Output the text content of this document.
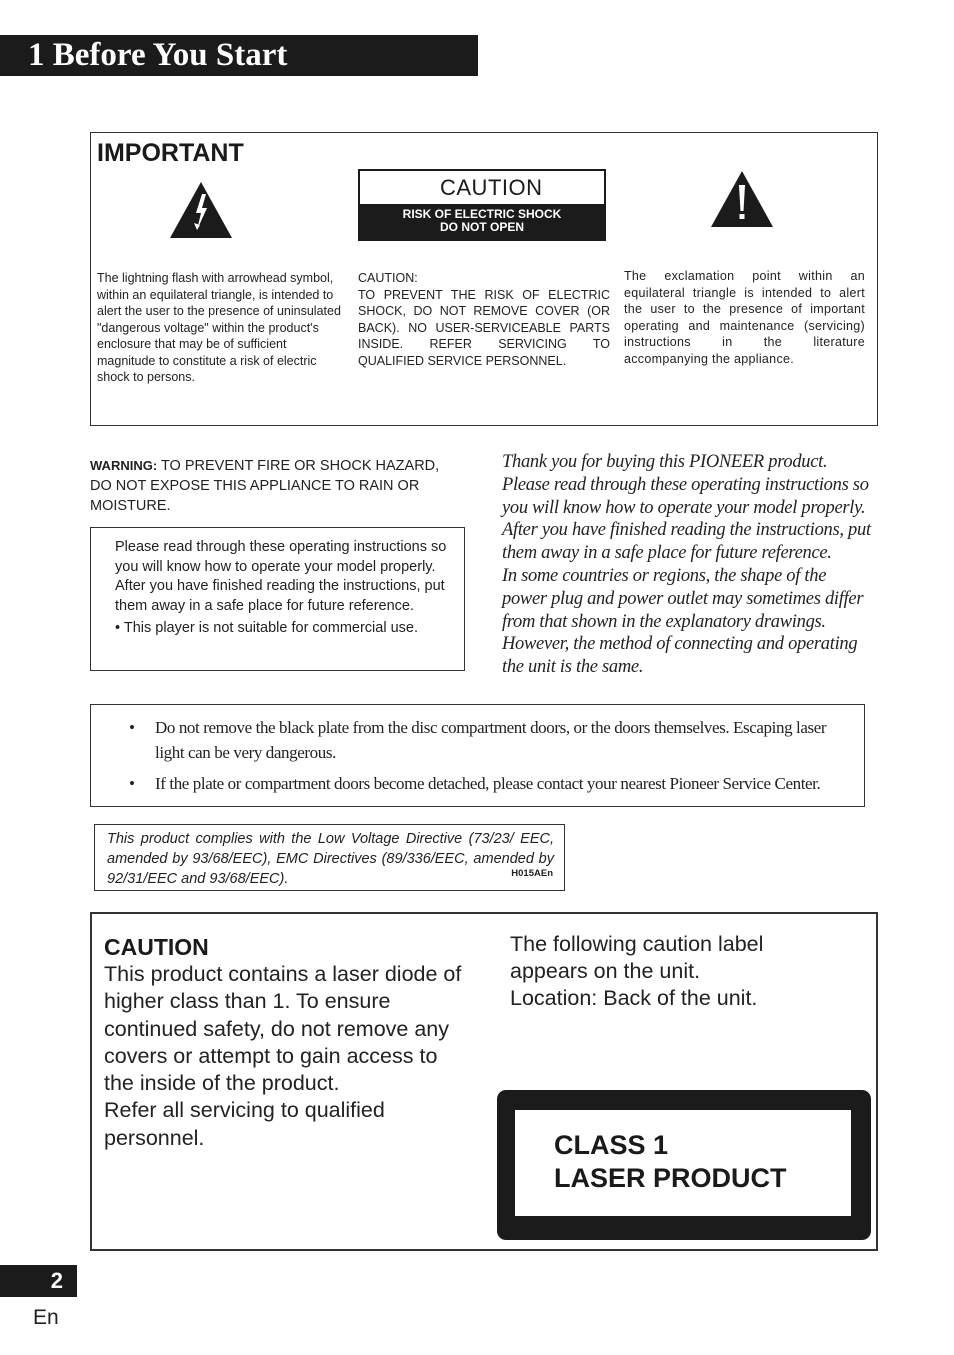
1 Before You Start
IMPORTANT
CAUTION
RISK OF ELECTRIC SHOCK
DO NOT OPEN
The lightning flash with arrowhead symbol, within an equilateral triangle, is intended to alert the user to the presence of uninsulated "dangerous voltage" within the product's enclosure that may be of sufficient magnitude to constitute a risk of electric shock to persons.
CAUTION:
TO PREVENT THE RISK OF ELECTRIC SHOCK, DO NOT REMOVE COVER (OR BACK). NO USER-SERVICEABLE PARTS INSIDE. REFER SERVICING TO QUALIFIED SERVICE PERSONNEL.
The exclamation point within an equilateral triangle is intended to alert the user to the presence of important operating and maintenance (servicing) instructions in the literature accompanying the appliance.
WARNING: TO PREVENT FIRE OR SHOCK HAZARD, DO NOT EXPOSE THIS APPLIANCE TO RAIN OR MOISTURE.
Please read through these operating instructions so you will know how to operate your model properly. After you have finished reading the instructions, put them away in a safe place for future reference.
• This player is not suitable for commercial use.
Thank you for buying this PIONEER product. Please read through these operating instructions so you will know how to operate your model properly. After you have finished reading the instructions, put them away in a safe place for future reference.
In some countries or regions, the shape of the power plug and power outlet may sometimes differ from that shown in the explanatory drawings. However, the method of connecting and operating the unit is the same.
• Do not remove the black plate from the disc compartment doors, or the doors themselves. Escaping laser light can be very dangerous.
• If the plate or compartment doors become detached, please contact your nearest Pioneer Service Center.
This product complies with the Low Voltage Directive (73/23/ EEC, amended by 93/68/EEC), EMC Directives (89/336/EEC, amended by 92/31/EEC and 93/68/EEC).	H015AEn
CAUTION
This product contains a laser diode of higher class than 1. To ensure continued safety, do not remove any covers or attempt to gain access to the inside of the product.
Refer all servicing to qualified personnel.
The following caution label appears on the unit.
Location: Back of the unit.
CLASS 1
LASER PRODUCT
2
En
